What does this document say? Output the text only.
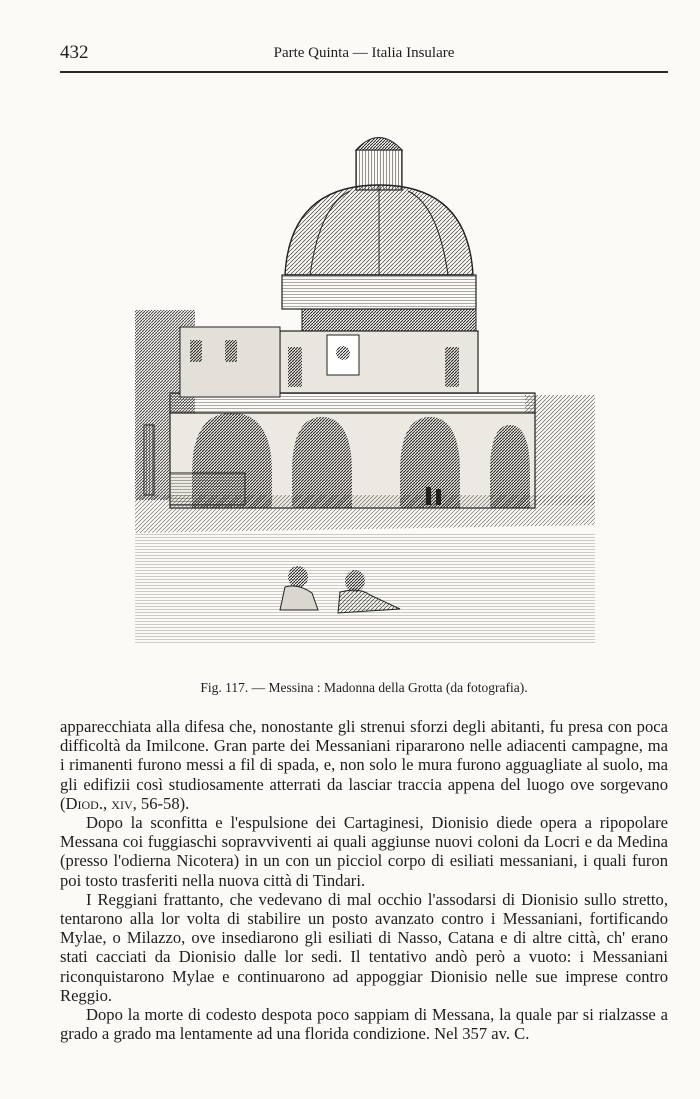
432	Parte Quinta — Italia Insulare
Fig. 117. — Messina : Madonna della Grotta (da fotografia).

apparecchiata alla difesa che, nonostante gli strenui sforzi degli abitanti, fu presa con poca difficoltà da Imilcone. Gran parte dei Messaniani ripararono nelle adiacenti campagne, ma i rimanenti furono messi a fil di spada, e, non solo le mura furono agguagliate al suolo, ma gli edifizii così studiosamente atterrati da lasciar traccia appena del luogo ove sorgevano (Diod., xiv, 56-58).

Dopo la sconfitta e l'espulsione dei Cartaginesi, Dionisio diede opera a ripopolare Messana coi fuggiaschi sopravviventi ai quali aggiunse nuovi coloni da Locri e da Medina (presso l'odierna Nicotera) in un con un picciol corpo di esiliati messaniani, i quali furon poi tosto trasferiti nella nuova città di Tindari.

I Reggiani frattanto, che vedevano di mal occhio l'assodarsi di Dionisio sullo stretto, tentarono alla lor volta di stabilire un posto avanzato contro i Messaniani, fortificando Mylae, o Milazzo, ove insediarono gli esiliati di Nasso, Catana e di altre città, ch' erano stati cacciati da Dionisio dalle lor sedi. Il tentativo andò però a vuoto: i Messaniani riconquistarono Mylae e continuarono ad appoggiar Dionisio nelle sue imprese contro Reggio.

Dopo la morte di codesto despota poco sappiam di Messana, la quale par si rialzasse a grado a grado ma lentamente ad una florida condizione. Nel 357 av. C.
